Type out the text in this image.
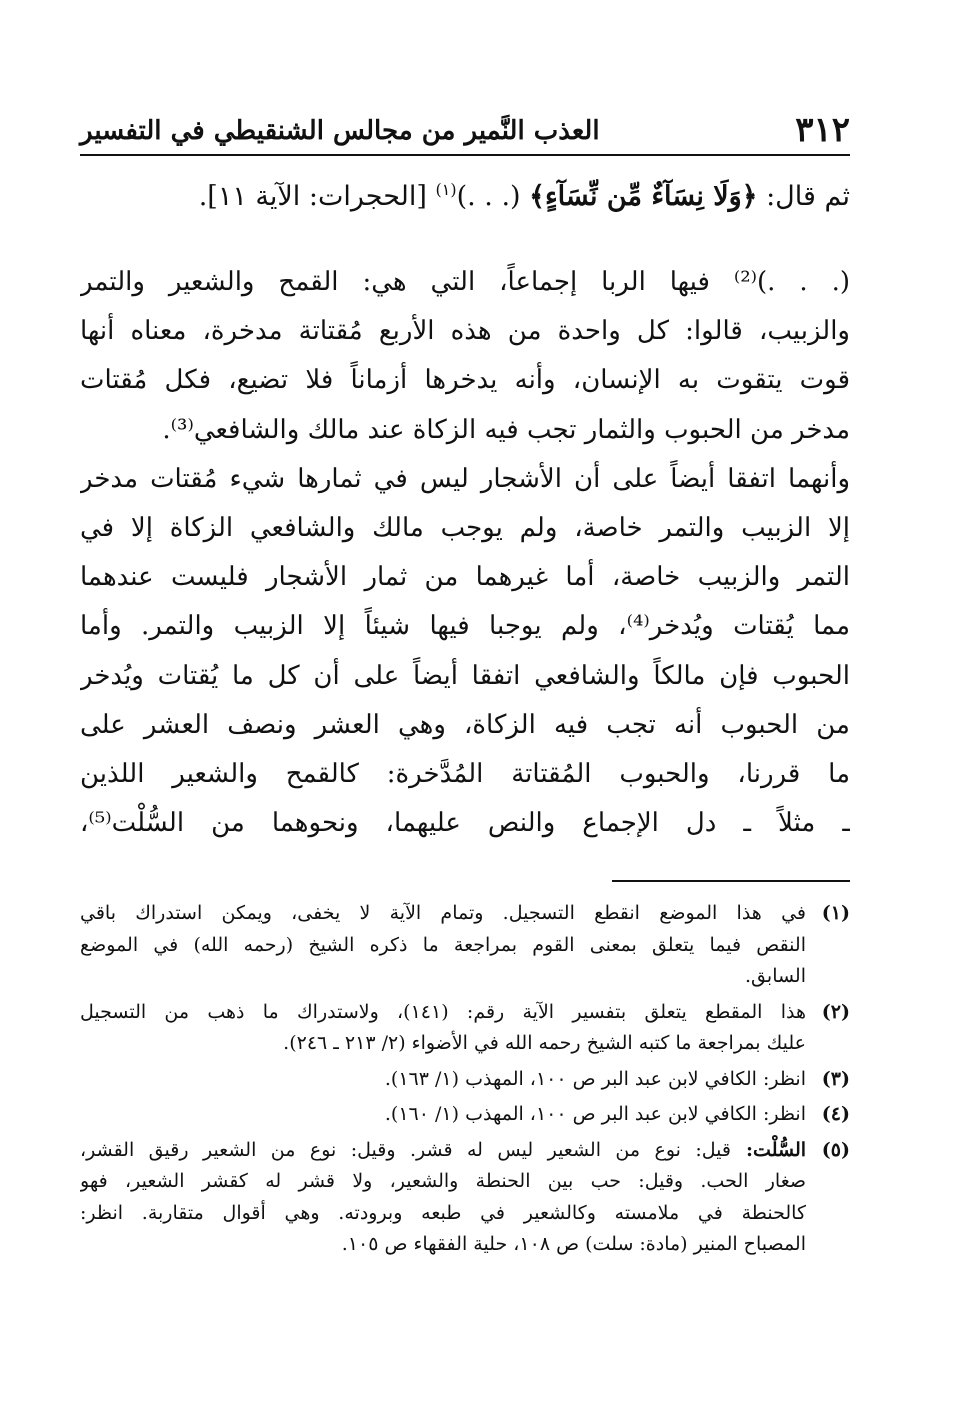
٣١٢
العذب النَّمير من مجالس الشنقيطي في التفسير
ثم قال: ﴿وَلَا نِسَآءٌ مِّن نِّسَآءٍ﴾ (. . .)$^{(١)}$ [الحجرات: الآية ١١].
(. . .)⁽²⁾ فيها الربا إجماعاً، التي هي: القمح والشعير والتمر
والزبيب، قالوا: كل واحدة من هذه الأربع مُقتاتة مدخرة، معناه أنها
قوت يتقوت به الإنسان، وأنه يدخرها أزماناً فلا تضيع، فكل مُقتات
مدخر من الحبوب والثمار تجب فيه الزكاة عند مالك والشافعي⁽³⁾.
وأنهما اتفقا أيضاً على أن الأشجار ليس في ثمارها شيء مُقتات مدخر
إلا الزبيب والتمر خاصة، ولم يوجب مالك والشافعي الزكاة إلا في
التمر والزبيب خاصة، أما غيرهما من ثمار الأشجار فليست عندهما
مما يُقتات ويُدخر⁽⁴⁾، ولم يوجبا فيها شيئاً إلا الزبيب والتمر. وأما
الحبوب فإن مالكاً والشافعي اتفقا أيضاً على أن كل ما يُقتات ويُدخر
من الحبوب أنه تجب فيه الزكاة، وهي العشر ونصف العشر على
ما قررنا، والحبوب المُقتاتة المُدَّخرة: كالقمح والشعير اللذين
ـ مثلاً ـ دل الإجماع والنص عليهما، ونحوهما من السُّلْت⁽⁵⁾،
(١)
في هذا الموضع انقطع التسجيل. وتمام الآية لا يخفى، ويمكن استدراك باقي
النقص فيما يتعلق بمعنى القوم بمراجعة ما ذكره الشيخ (رحمه الله) في الموضع
السابق.
(٢)
هذا المقطع يتعلق بتفسير الآية رقم: (١٤١)، ولاستدراك ما ذهب من التسجيل
عليك بمراجعة ما كتبه الشيخ رحمه الله في الأضواء (٢/ ٢١٣ ـ ٢٤٦).
(٣)
انظر: الكافي لابن عبد البر ص ١٠٠، المهذب (١/ ١٦٣).
(٤)
انظر: الكافي لابن عبد البر ص ١٠٠، المهذب (١/ ١٦٠).
(٥)
السُّلْت: قيل: نوع من الشعير ليس له قشر. وقيل: نوع من الشعير رقيق القشر،
صغار الحب. وقيل: حب بين الحنطة والشعير، ولا قشر له كقشر الشعير، فهو
كالحنطة في ملامسته وكالشعير في طبعه وبرودته. وهي أقوال متقاربة. انظر:
المصباح المنير (مادة: سلت) ص ١٠٨، حلية الفقهاء ص ١٠٥.
